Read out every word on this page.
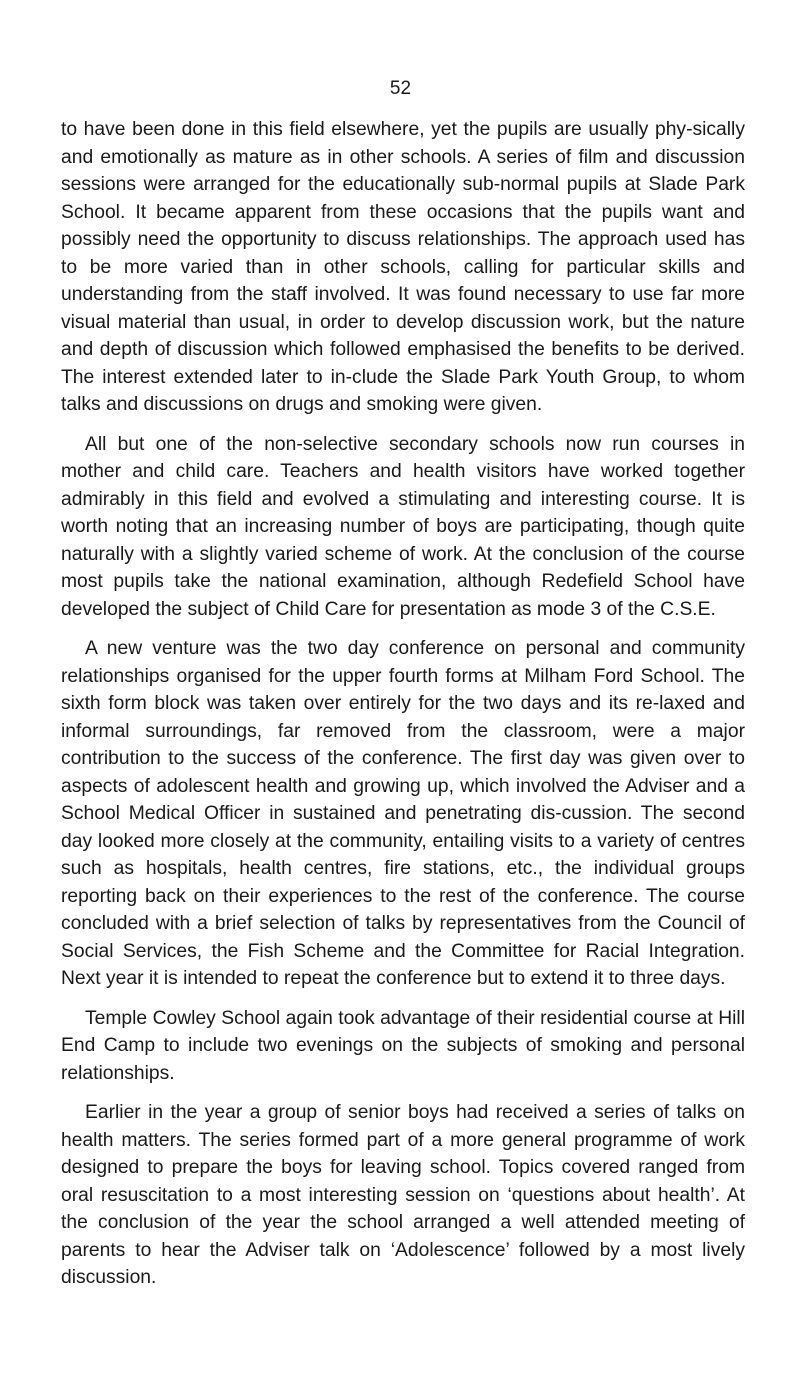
52

to have been done in this field elsewhere, yet the pupils are usually phy-sically and emotionally as mature as in other schools. A series of film and discussion sessions were arranged for the educationally sub-normal pupils at Slade Park School. It became apparent from these occasions that the pupils want and possibly need the opportunity to discuss relationships. The approach used has to be more varied than in other schools, calling for particular skills and understanding from the staff involved. It was found necessary to use far more visual material than usual, in order to develop discussion work, but the nature and depth of discussion which followed emphasised the benefits to be derived. The interest extended later to in-clude the Slade Park Youth Group, to whom talks and discussions on drugs and smoking were given.

All but one of the non-selective secondary schools now run courses in mother and child care. Teachers and health visitors have worked together admirably in this field and evolved a stimulating and interesting course. It is worth noting that an increasing number of boys are participating, though quite naturally with a slightly varied scheme of work. At the conclusion of the course most pupils take the national examination, although Redefield School have developed the subject of Child Care for presentation as mode 3 of the C.S.E.

A new venture was the two day conference on personal and community relationships organised for the upper fourth forms at Milham Ford School. The sixth form block was taken over entirely for the two days and its re-laxed and informal surroundings, far removed from the classroom, were a major contribution to the success of the conference. The first day was given over to aspects of adolescent health and growing up, which involved the Adviser and a School Medical Officer in sustained and penetrating dis-cussion. The second day looked more closely at the community, entailing visits to a variety of centres such as hospitals, health centres, fire stations, etc., the individual groups reporting back on their experiences to the rest of the conference. The course concluded with a brief selection of talks by representatives from the Council of Social Services, the Fish Scheme and the Committee for Racial Integration. Next year it is intended to repeat the conference but to extend it to three days.

Temple Cowley School again took advantage of their residential course at Hill End Camp to include two evenings on the subjects of smoking and personal relationships.

Earlier in the year a group of senior boys had received a series of talks on health matters. The series formed part of a more general programme of work designed to prepare the boys for leaving school. Topics covered ranged from oral resuscitation to a most interesting session on ‘questions about health’. At the conclusion of the year the school arranged a well attended meeting of parents to hear the Adviser talk on ‘Adolescence’ followed by a most lively discussion.
